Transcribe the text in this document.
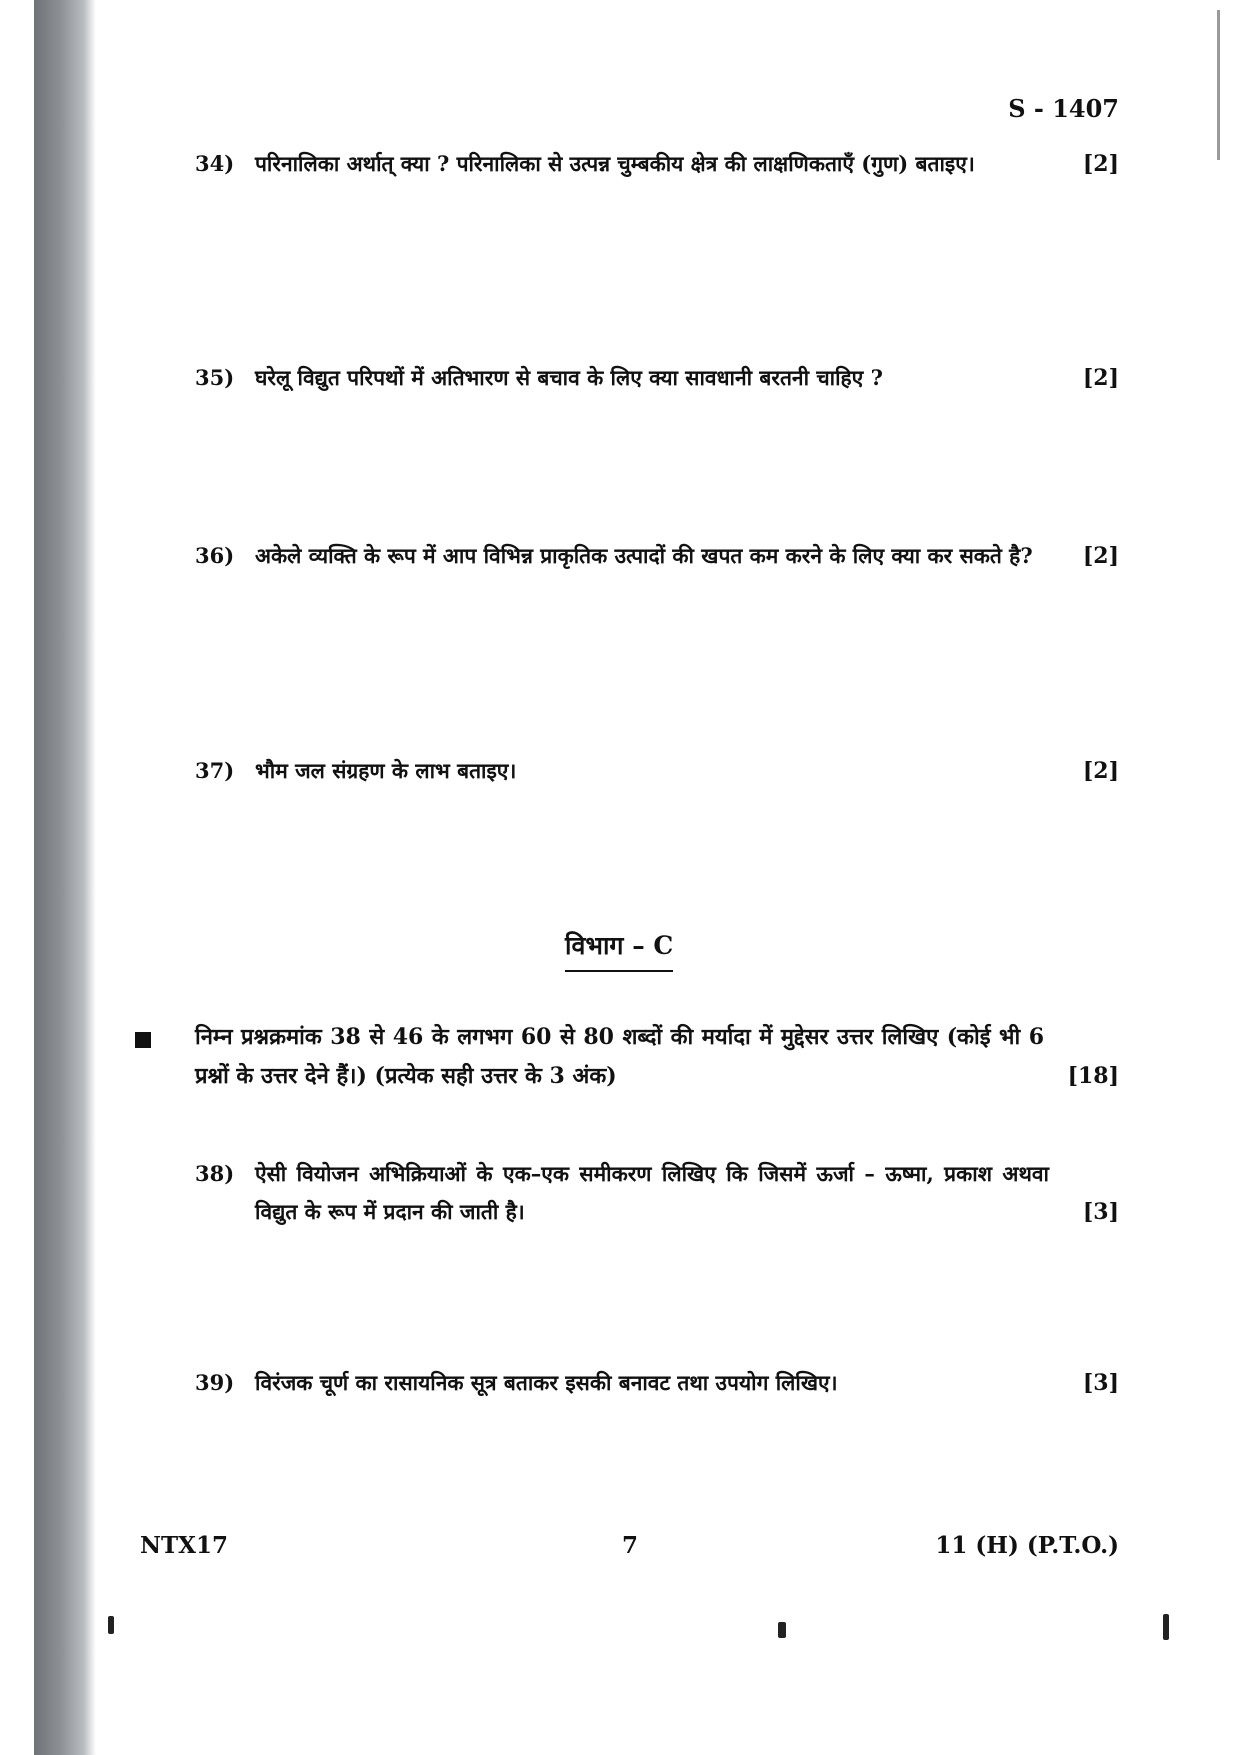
S - 1407
34) परिनालिका अर्थात् क्या ? परिनालिका से उत्पन्न चुम्बकीय क्षेत्र की लाक्षणिकताएँ (गुण) बताइए।	[2]
35) घरेलू विद्युत परिपथों में अतिभारण से बचाव के लिए क्या सावधानी बरतनी चाहिए ?	[2]
36) अकेले व्यक्ति के रूप में आप विभिन्न प्राकृतिक उत्पादों की खपत कम करने के लिए क्या कर सकते है?	[2]
37) भौम जल संग्रहण के लाभ बताइए।	[2]
विभाग – C
निम्न प्रश्नक्रमांक 38 से 46 के लगभग 60 से 80 शब्दों की मर्यादा में मुद्देसर उत्तर लिखिए (कोई भी 6 प्रश्नों के उत्तर देने हैं।) (प्रत्येक सही उत्तर के 3 अंक)	[18]
38) ऐसी वियोजन अभिक्रियाओं के एक–एक समीकरण लिखिए कि जिसमें ऊर्जा – ऊष्मा, प्रकाश अथवा विद्युत के रूप में प्रदान की जाती है।	[3]
39) विरंजक चूर्ण का रासायनिक सूत्र बताकर इसकी बनावट तथा उपयोग लिखिए।	[3]
NTX17	7	11 (H) (P.T.O.)
